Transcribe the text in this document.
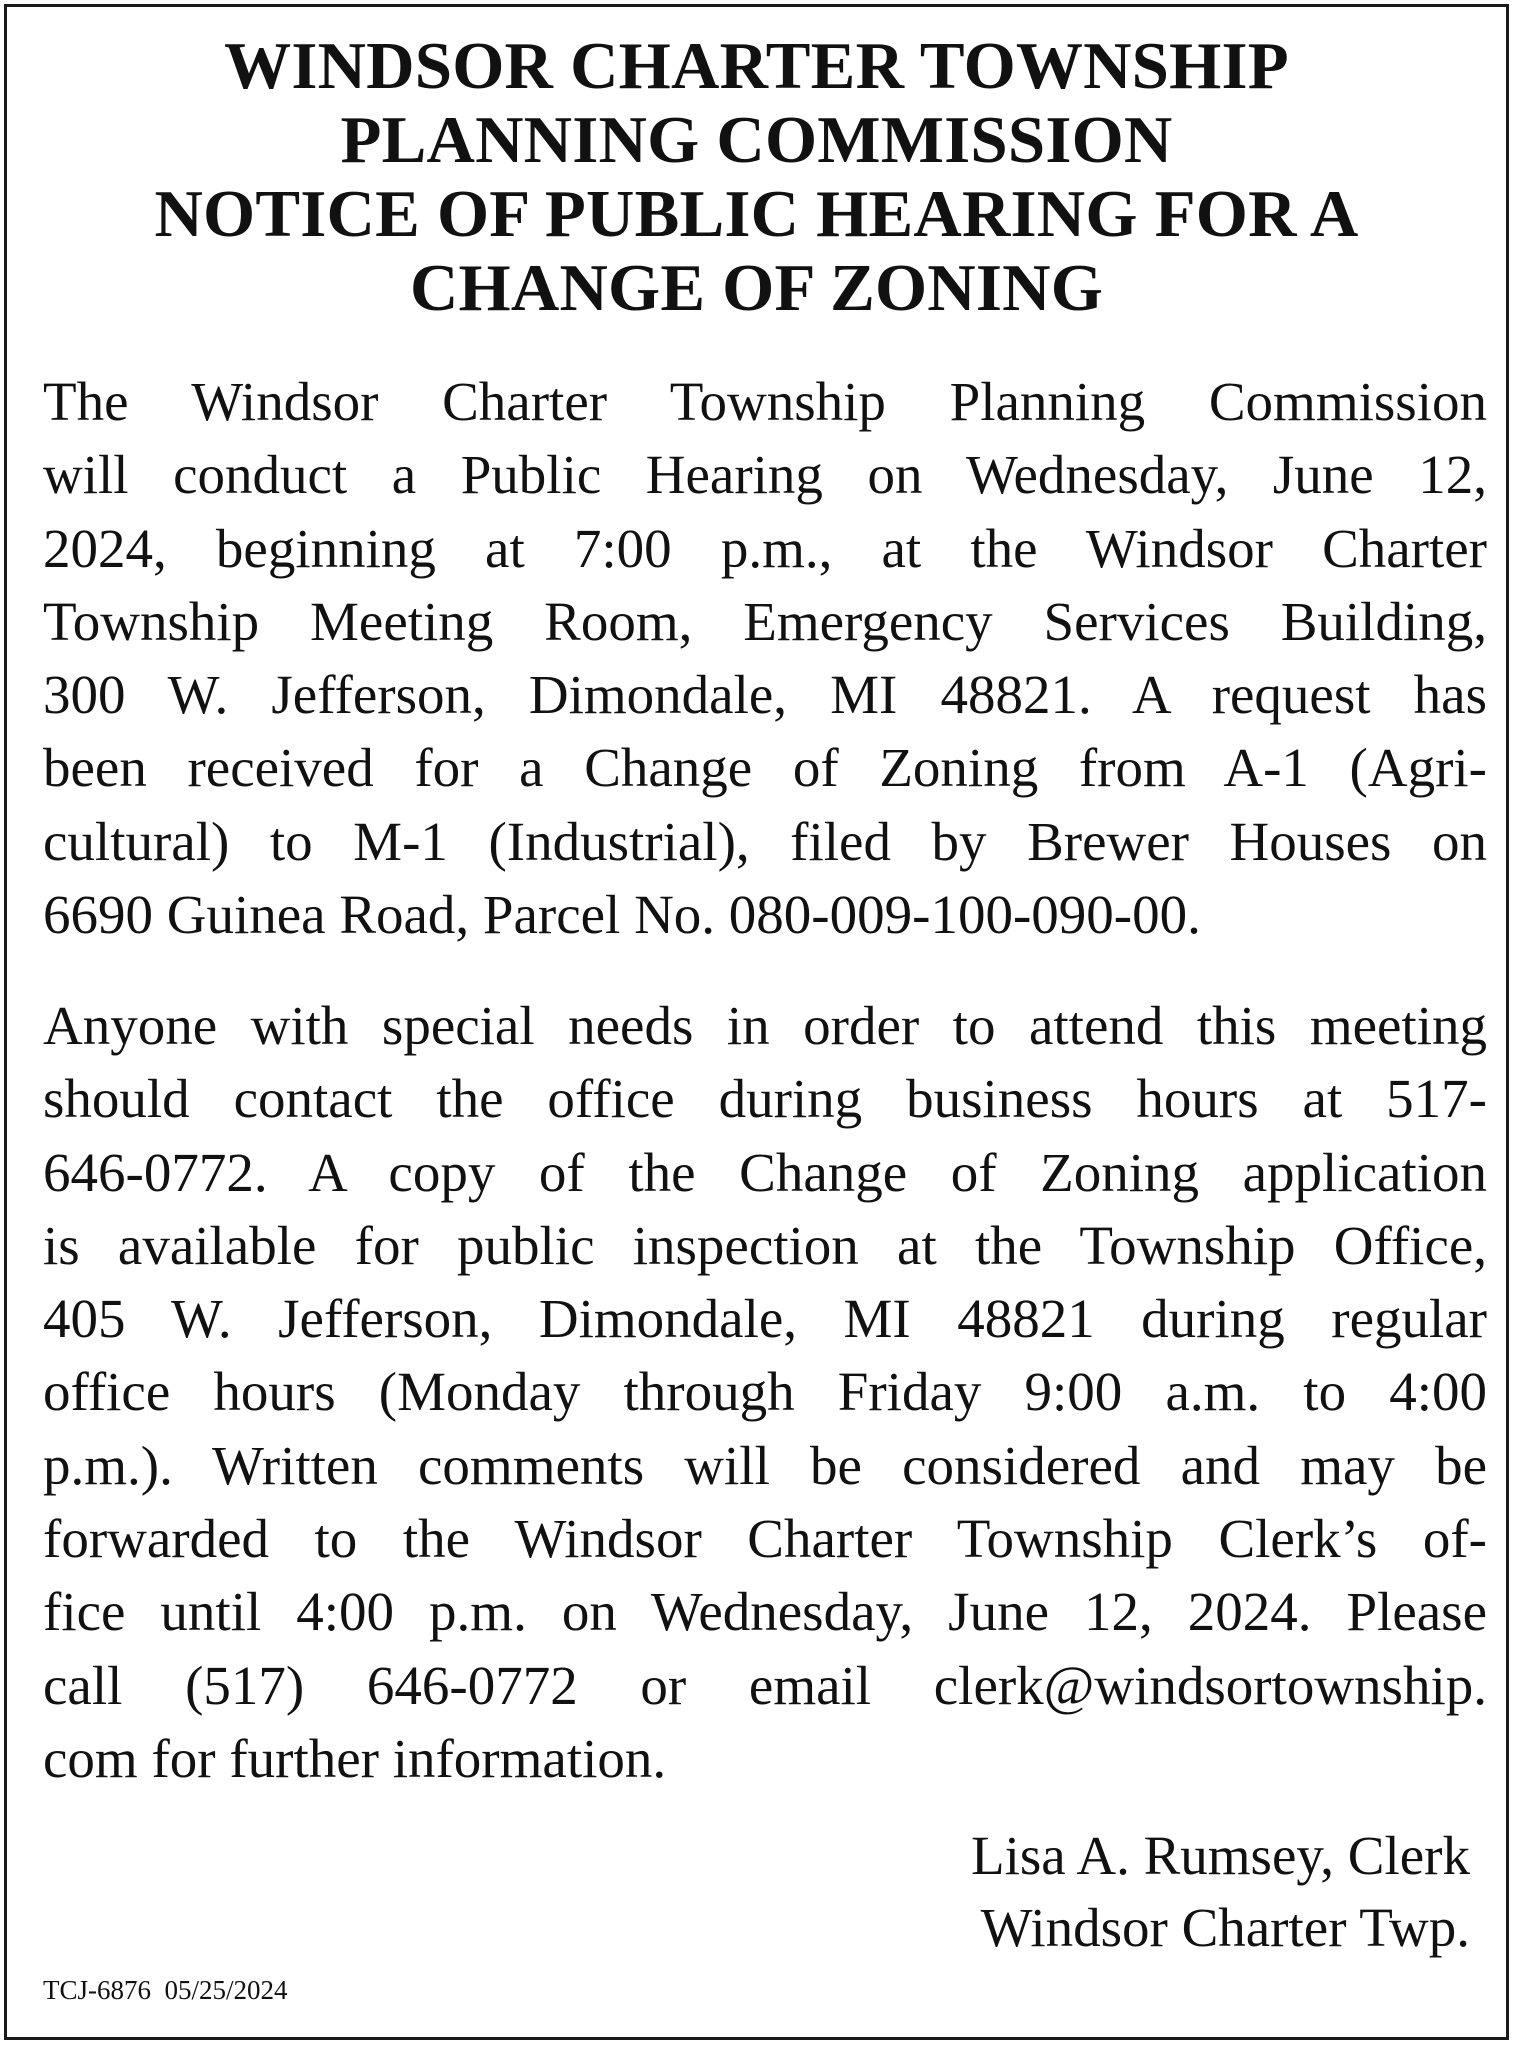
WINDSOR CHARTER TOWNSHIP
PLANNING COMMISSION
NOTICE OF PUBLIC HEARING FOR A
CHANGE OF ZONING

The Windsor Charter Township Planning Commission
will conduct a Public Hearing on Wednesday, June 12,
2024, beginning at 7:00 p.m., at the Windsor Charter
Township Meeting Room, Emergency Services Building,
300 W. Jefferson, Dimondale, MI 48821. A request has
been received for a Change of Zoning from A-1 (Agri-
cultural) to M-1 (Industrial), filed by Brewer Houses on
6690 Guinea Road, Parcel No. 080-009-100-090-00.

Anyone with special needs in order to attend this meeting
should contact the office during business hours at 517-
646-0772. A copy of the Change of Zoning application
is available for public inspection at the Township Office,
405 W. Jefferson, Dimondale, MI 48821 during regular
office hours (Monday through Friday 9:00 a.m. to 4:00
p.m.). Written comments will be considered and may be
forwarded to the Windsor Charter Township Clerk’s of-
fice until 4:00 p.m. on Wednesday, June 12, 2024. Please
call (517) 646-0772 or email clerk@windsortownship.
com for further information.

Lisa A. Rumsey, Clerk
Windsor Charter Twp.

TCJ-6876 05/25/2024
